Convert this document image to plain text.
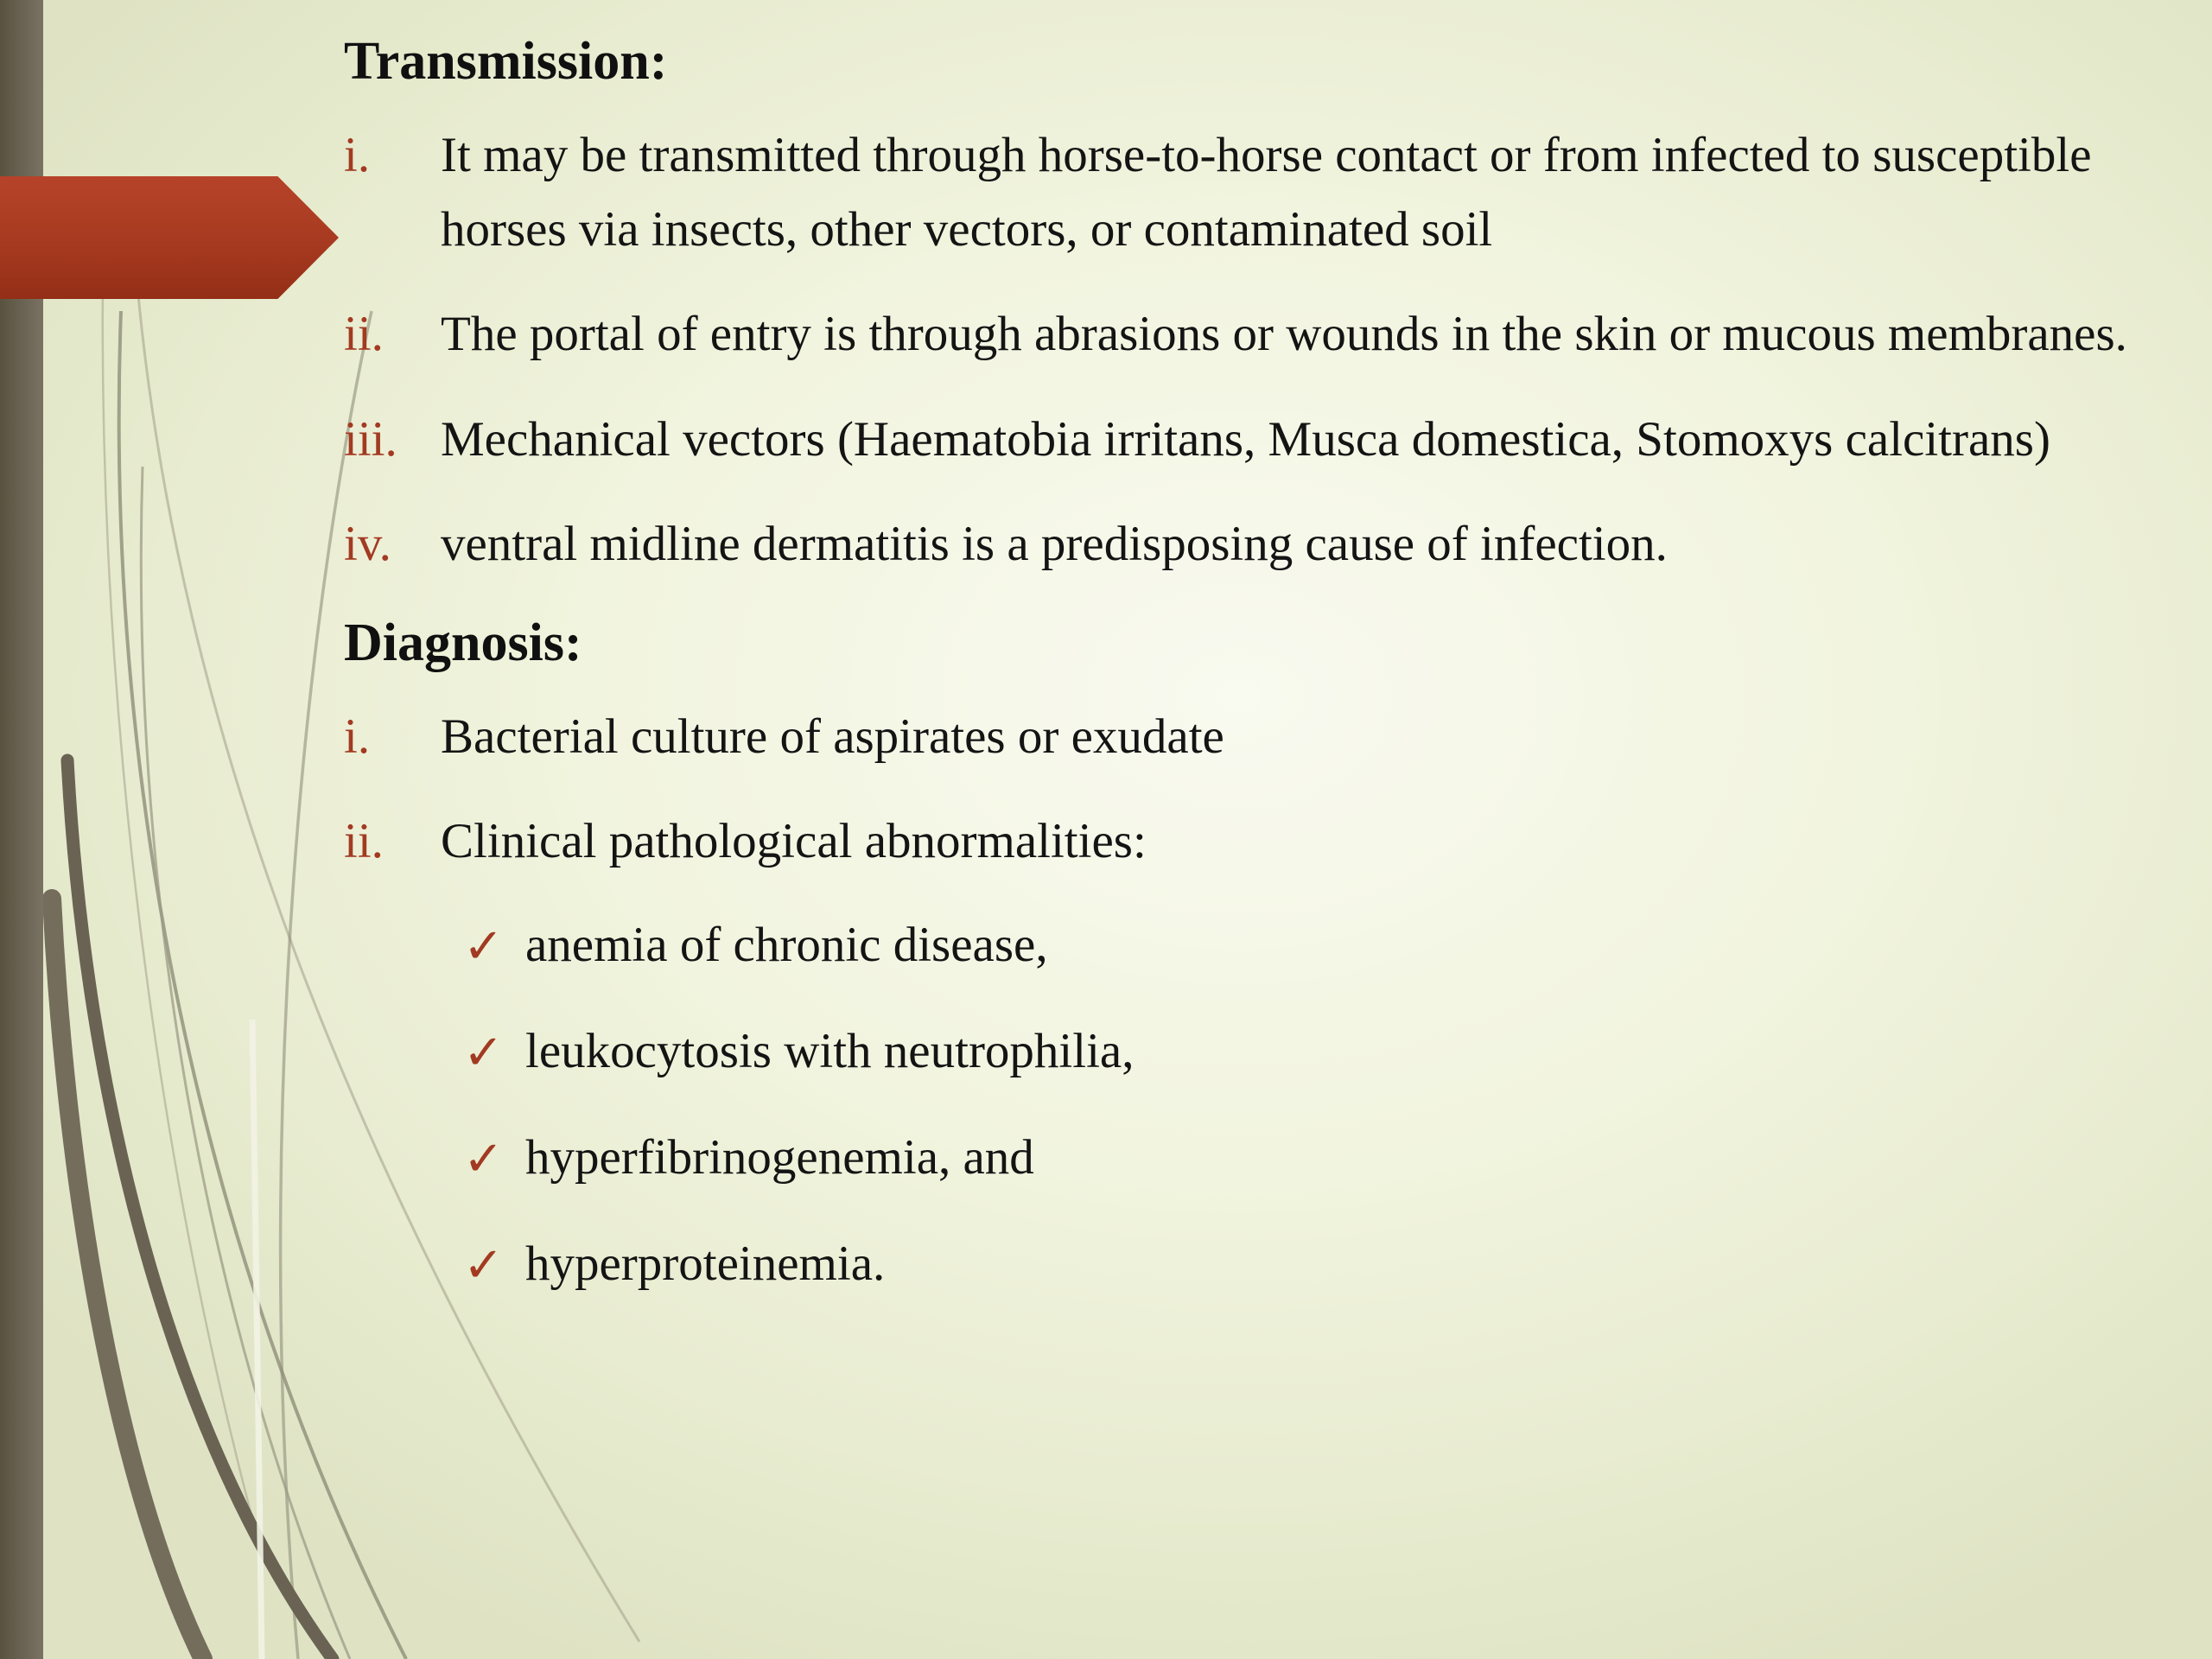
Transmission:
i.	It may be transmitted through horse-to-horse contact or from infected to susceptible horses via insects, other vectors, or contaminated soil
ii.	The portal of entry is through abrasions or wounds in the skin or mucous membranes.
iii. Mechanical vectors (Haematobia irritans, Musca domestica, Stomoxys calcitrans)
iv.	ventral midline dermatitis is a predisposing cause of infection.
Diagnosis:
i.	Bacterial culture of aspirates or exudate
ii.	Clinical pathological abnormalities:
✓ anemia of chronic disease,
✓ leukocytosis with neutrophilia,
✓ hyperfibrinogenemia, and
✓ hyperproteinemia.
